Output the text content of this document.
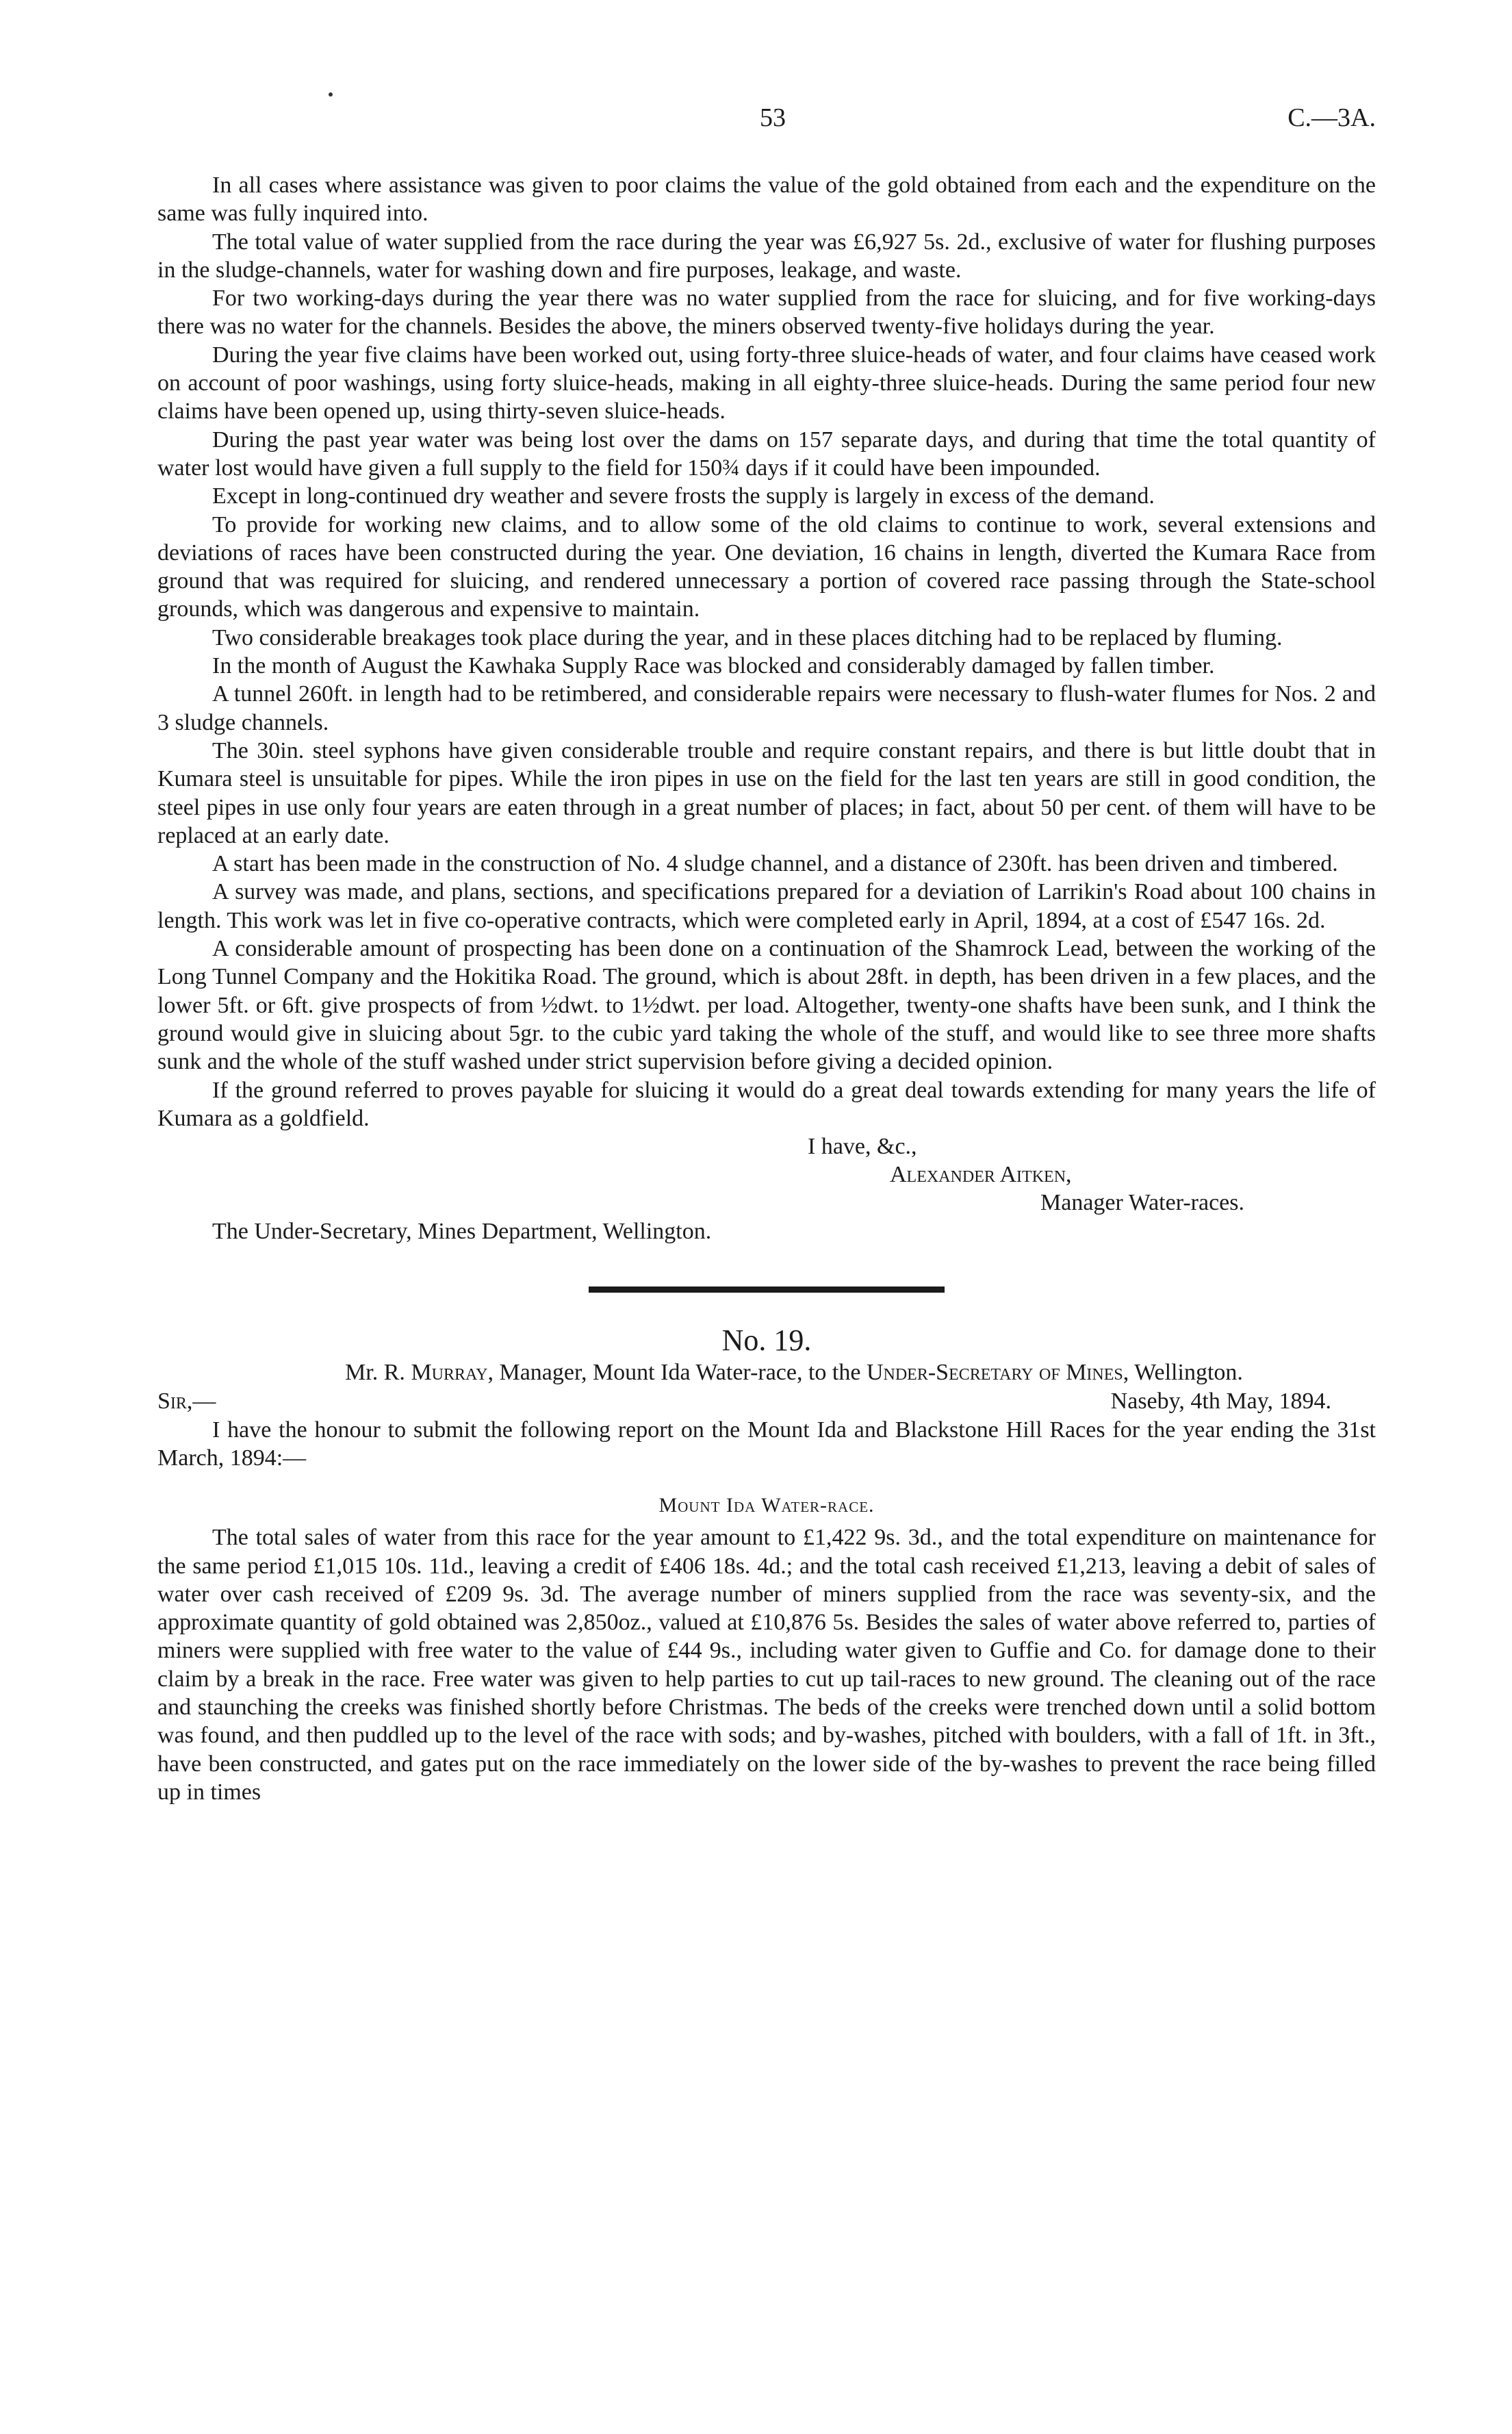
53	C.—3A.

In all cases where assistance was given to poor claims the value of the gold obtained from each and the expenditure on the same was fully inquired into.

The total value of water supplied from the race during the year was £6,927 5s. 2d., exclusive of water for flushing purposes in the sludge-channels, water for washing down and fire purposes, leakage, and waste.

For two working-days during the year there was no water supplied from the race for sluicing, and for five working-days there was no water for the channels. Besides the above, the miners observed twenty-five holidays during the year.

During the year five claims have been worked out, using forty-three sluice-heads of water, and four claims have ceased work on account of poor washings, using forty sluice-heads, making in all eighty-three sluice-heads. During the same period four new claims have been opened up, using thirty-seven sluice-heads.

During the past year water was being lost over the dams on 157 separate days, and during that time the total quantity of water lost would have given a full supply to the field for 150¾ days if it could have been impounded.

Except in long-continued dry weather and severe frosts the supply is largely in excess of the demand.

To provide for working new claims, and to allow some of the old claims to continue to work, several extensions and deviations of races have been constructed during the year. One deviation, 16 chains in length, diverted the Kumara Race from ground that was required for sluicing, and rendered unnecessary a portion of covered race passing through the State-school grounds, which was dangerous and expensive to maintain.

Two considerable breakages took place during the year, and in these places ditching had to be replaced by fluming.

In the month of August the Kawhaka Supply Race was blocked and considerably damaged by fallen timber.

A tunnel 260ft. in length had to be retimbered, and considerable repairs were necessary to flush-water flumes for Nos. 2 and 3 sludge channels.

The 30in. steel syphons have given considerable trouble and require constant repairs, and there is but little doubt that in Kumara steel is unsuitable for pipes. While the iron pipes in use on the field for the last ten years are still in good condition, the steel pipes in use only four years are eaten through in a great number of places; in fact, about 50 per cent. of them will have to be replaced at an early date.

A start has been made in the construction of No. 4 sludge channel, and a distance of 230ft. has been driven and timbered.

A survey was made, and plans, sections, and specifications prepared for a deviation of Larrikin's Road about 100 chains in length. This work was let in five co-operative contracts, which were completed early in April, 1894, at a cost of £547 16s. 2d.

A considerable amount of prospecting has been done on a continuation of the Shamrock Lead, between the working of the Long Tunnel Company and the Hokitika Road. The ground, which is about 28ft. in depth, has been driven in a few places, and the lower 5ft. or 6ft. give prospects of from ½dwt. to 1½dwt. per load. Altogether, twenty-one shafts have been sunk, and I think the ground would give in sluicing about 5gr. to the cubic yard taking the whole of the stuff, and would like to see three more shafts sunk and the whole of the stuff washed under strict supervision before giving a decided opinion.

If the ground referred to proves payable for sluicing it would do a great deal towards extending for many years the life of Kumara as a goldfield.

I have, &c.,
Alexander Aitken,
Manager Water-races.
The Under-Secretary, Mines Department, Wellington.
No. 19.
Mr. R. Murray, Manager, Mount Ida Water-race, to the Under-Secretary of Mines, Wellington.
Sir,—	Naseby, 4th May, 1894.

I have the honour to submit the following report on the Mount Ida and Blackstone Hill Races for the year ending the 31st March, 1894:—

Mount Ida Water-race.

The total sales of water from this race for the year amount to £1,422 9s. 3d., and the total expenditure on maintenance for the same period £1,015 10s. 11d., leaving a credit of £406 18s. 4d.; and the total cash received £1,213, leaving a debit of sales of water over cash received of £209 9s. 3d. The average number of miners supplied from the race was seventy-six, and the approximate quantity of gold obtained was 2,850oz., valued at £10,876 5s. Besides the sales of water above referred to, parties of miners were supplied with free water to the value of £44 9s., including water given to Guffie and Co. for damage done to their claim by a break in the race. Free water was given to help parties to cut up tail-races to new ground. The cleaning out of the race and staunching the creeks was finished shortly before Christmas. The beds of the creeks were trenched down until a solid bottom was found, and then puddled up to the level of the race with sods; and by-washes, pitched with boulders, with a fall of 1ft. in 3ft., have been constructed, and gates put on the race immediately on the lower side of the by-washes to prevent the race being filled up in times
